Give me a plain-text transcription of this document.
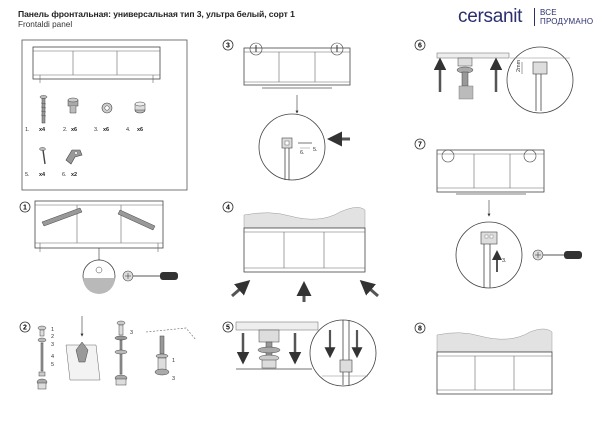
Панель фронтальная: универсальная тип 3, ультра белый, сорт 1
Frontaldi panel	cersanit ВСЕ
ПРОДУМАНО
1. x4	2. x6	3. x6	4. x6
5. x4	6. x2
1
2	1
2
3
4
5
3
1
3
3
6. 5.
4
5
6
2mm
7
3.
8
